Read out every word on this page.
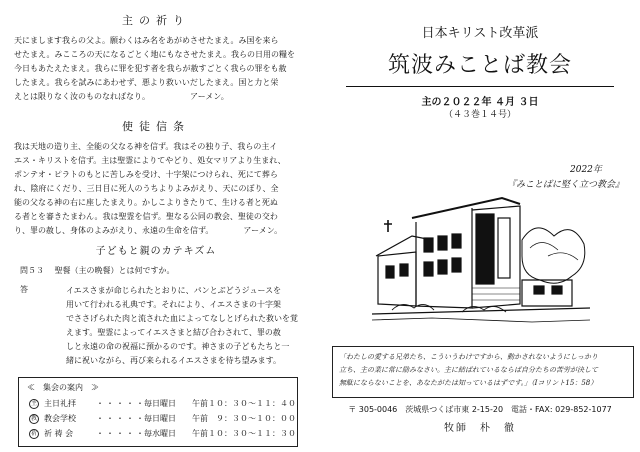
主の祈り

天にまします我らの父よ。願わくはみ名をあがめさせたまえ。み国を来ら
せたまえ。みこころの天になるごとく地にもなさせたまえ。我らの日用の糧を
今日もあたえたまえ。我らに罪を犯す者を我らが赦すごとく我らの罪をも赦
したまえ。我らを試みにあわせず、悪より救いいだしたまえ。国と力と栄
えとは限りなく汝のものなればなり。	アーメン。

使徒信条

我は天地の造り主、全能の父なる神を信ず。我はその独り子、我らの主イ
エス・キリストを信ず。主は聖霊によりてやどり、処女マリアより生まれ、
ポンテオ・ピラトのもとに苦しみを受け、十字架につけられ、死にて葬ら
れ、陰府にくだり、三日目に死人のうちよりよみがえり、天にのぼり、全
能の父なる神の右に座したまえり。かしこよりきたりて、生ける者と死ぬ
る者とを審きたまわん。我は聖霊を信ず。聖なる公同の教会、聖徒の交わ
り、罪の赦し、身体のよみがえり、永遠の生命を信ず。	アーメン。

子どもと親のカテキズム
問５３ 聖餐（主の晩餐）とは何ですか。
答	イエスさまが命じられたとおりに、パンとぶどうジュースを
用いて行われる礼典です。それにより、イエスさまの十字架
でささげられた肉と流された血によってなしとげられた救いを覚
えます。聖霊によってイエスさまと結び合わされて、罪の赦
しと永遠の命の祝福に預かるのです。神さまの子どもたちと一
緒に祝いながら、再び来られるイエスさまを待ち望みます。

≪　集会の案内　≫
主 主日礼拝	・・・・・毎日曜日 午前１０：３０～１１：４０
教 教会学校	・・・・・毎日曜日 午前　９：３０～１０：００
祈 祈 祷 会	・・・・・毎水曜日 午前１０：３０～１１：３０
日本キリスト改革派
筑波みことば教会
主の２０２２年 ４月 ３日
（４３巻１４号）
2022年
『みことばに堅く立つ教会』

「わたしの愛する兄弟たち、こういうわけですから、動かされないようにしっかり
立ち、主の業に常に励みなさい。主に結ばれているならば自分たちの苦労が決して
無駄にならないことを、あなたがたは知っているはずです。」（Ⅰコリント15：58）

〒 305-0046　茨城県つくば市東 2-15-20　電話・FAX: 029-852-1077
牧師　朴　徹
